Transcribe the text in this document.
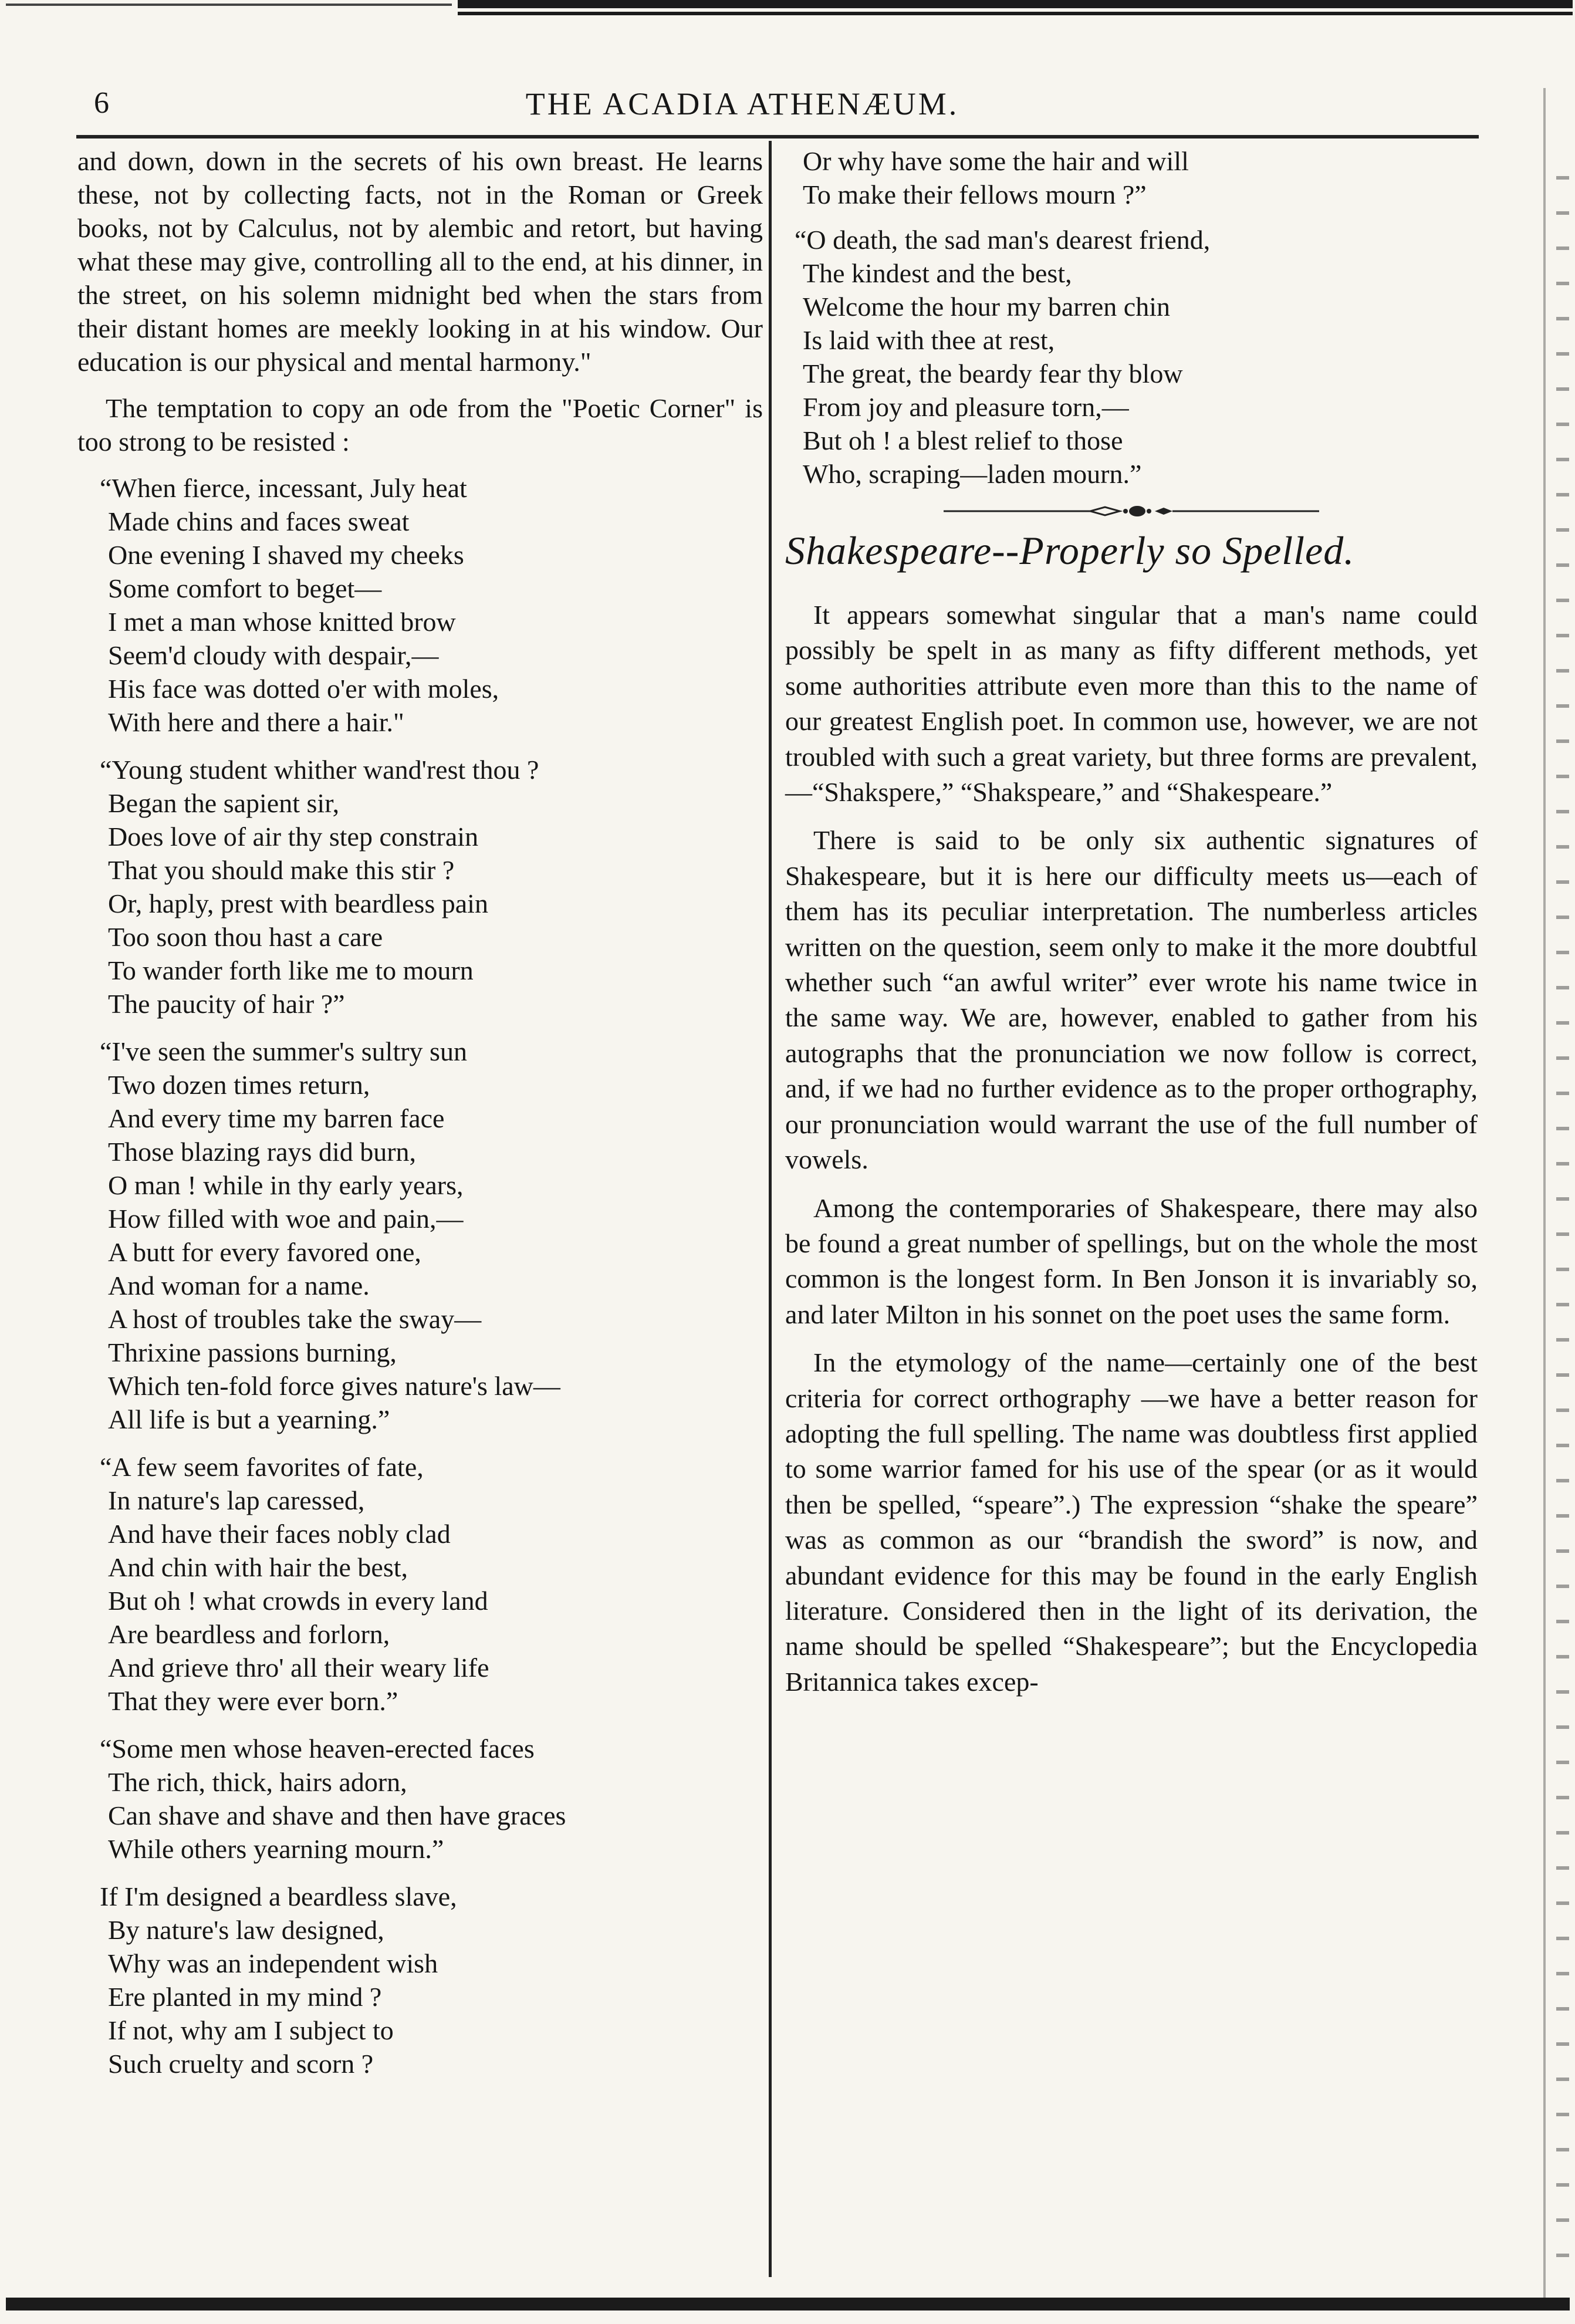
6	THE ACADIA ATHENÆUM.

and down, down in the secrets of his own breast. He learns these, not by collecting facts, not in the Roman or Greek books, not by Calculus, not by alembic and retort, but having what these may give, controlling all to the end, at his dinner, in the street, on his solemn midnight bed when the stars from their distant homes are meekly looking in at his window. Our education is our physical and mental harmony."

The temptation to copy an ode from the "Poetic Corner" is too strong to be resisted :

“When fierce, incessant, July heat
Made chins and faces sweat
One evening I shaved my cheeks
Some comfort to beget—
I met a man whose knitted brow
Seem'd cloudy with despair,—
His face was dotted o'er with moles,
With here and there a hair."
“Young student whither wand'rest thou ?
Began the sapient sir,
Does love of air thy step constrain
That you should make this stir ?
Or, haply, prest with beardless pain
Too soon thou hast a care
To wander forth like me to mourn
The paucity of hair ?”
“I've seen the summer's sultry sun
Two dozen times return,
And every time my barren face
Those blazing rays did burn,
O man ! while in thy early years,
How filled with woe and pain,—
A butt for every favored one,
And woman for a name.
A host of troubles take the sway—
Thrixine passions burning,
Which ten-fold force gives nature's law—
All life is but a yearning.”
“A few seem favorites of fate,
In nature's lap caressed,
And have their faces nobly clad
And chin with hair the best,
But oh ! what crowds in every land
Are beardless and forlorn,
And grieve thro' all their weary life
That they were ever born.”
“Some men whose heaven-erected faces
The rich, thick, hairs adorn,
Can shave and shave and then have graces
While others yearning mourn.”
If I'm designed a beardless slave,
By nature's law designed,
Why was an independent wish
Ere planted in my mind ?
If not, why am I subject to
Such cruelty and scorn ?
Or why have some the hair and will
To make their fellows mourn ?”
“O death, the sad man's dearest friend,
The kindest and the best,
Welcome the hour my barren chin
Is laid with thee at rest,
The great, the beardy fear thy blow
From joy and pleasure torn,—
But oh ! a blest relief to those
Who, scraping—laden mourn.”
Shakespeare--Properly so Spelled.

It appears somewhat singular that a man's name could possibly be spelt in as many as fifty different methods, yet some authorities attribute even more than this to the name of our greatest English poet. In common use, however, we are not troubled with such a great variety, but three forms are prevalent, —“Shakspere,” “Shakspeare,” and “Shakespeare.”

There is said to be only six authentic signatures of Shakespeare, but it is here our difficulty meets us—each of them has its peculiar interpretation. The numberless articles written on the question, seem only to make it the more doubtful whether such “an awful writer” ever wrote his name twice in the same way. We are, however, enabled to gather from his autographs that the pronunciation we now follow is correct, and, if we had no further evidence as to the proper orthography, our pronunciation would warrant the use of the full number of vowels.

Among the contemporaries of Shakespeare, there may also be found a great number of spellings, but on the whole the most common is the longest form. In Ben Jonson it is invariably so, and later Milton in his sonnet on the poet uses the same form.

In the etymology of the name—certainly one of the best criteria for correct orthography —we have a better reason for adopting the full spelling. The name was doubtless first applied to some warrior famed for his use of the spear (or as it would then be spelled, “speare”.) The expression “shake the speare” was as common as our “brandish the sword” is now, and abundant evidence for this may be found in the early English literature. Considered then in the light of its derivation, the name should be spelled “Shakespeare”; but the Encyclopedia Britannica takes excep-
